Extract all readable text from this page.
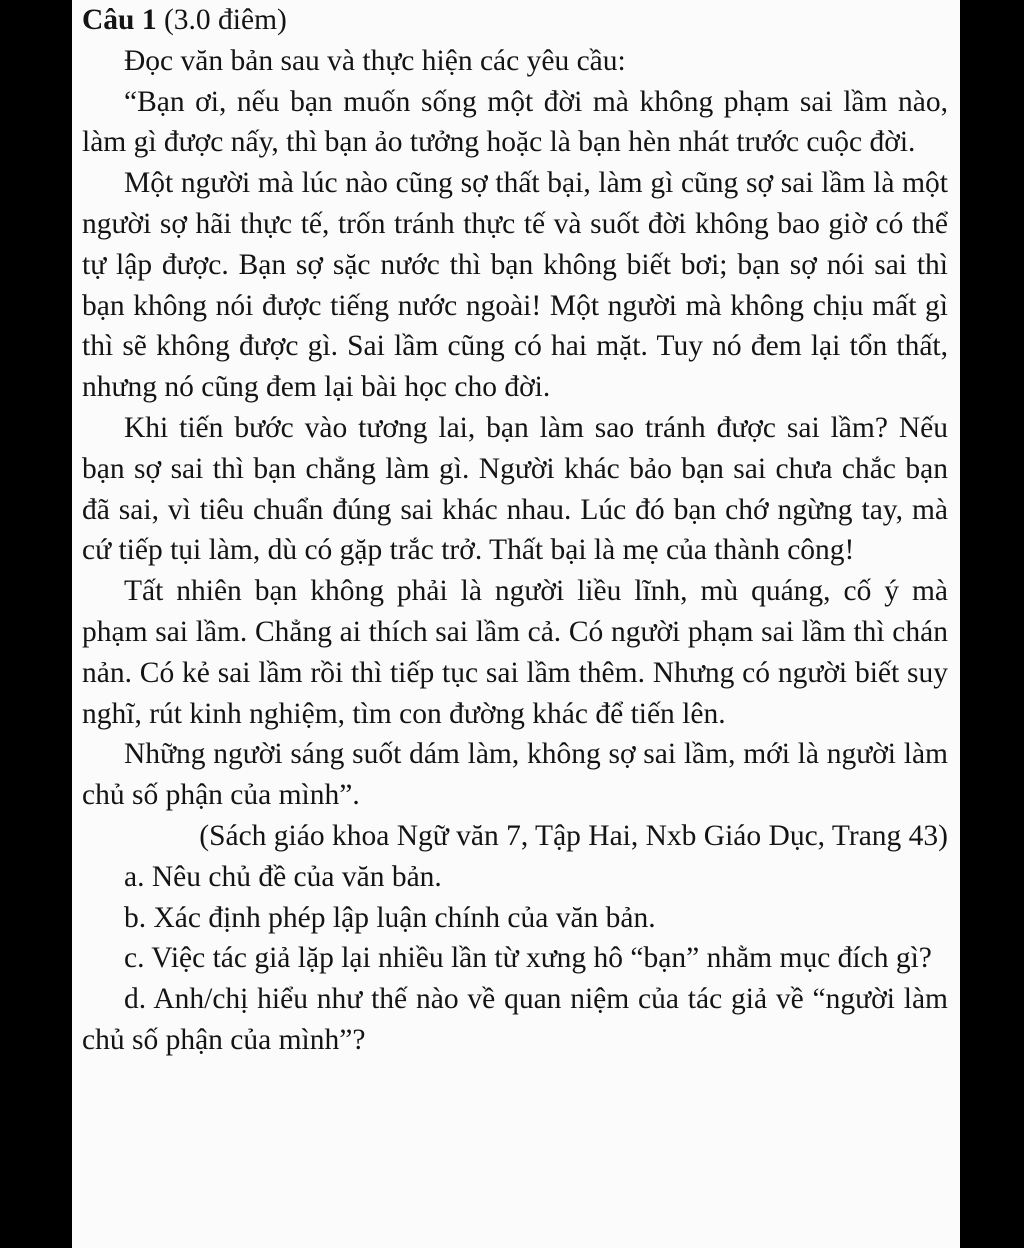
Câu 1 (3.0 điêm)
Đọc văn bản sau và thực hiện các yêu cầu:
“Bạn ơi, nếu bạn muốn sống một đời mà không phạm sai lầm nào, làm gì được nấy, thì bạn ảo tưởng hoặc là bạn hèn nhát trước cuộc đời.
Một người mà lúc nào cũng sợ thất bại, làm gì cũng sợ sai lầm là một người sợ hãi thực tế, trốn tránh thực tế và suốt đời không bao giờ có thể tự lập được. Bạn sợ sặc nước thì bạn không biết bơi; bạn sợ nói sai thì bạn không nói được tiếng nước ngoài! Một người mà không chịu mất gì thì sẽ không được gì. Sai lầm cũng có hai mặt. Tuy nó đem lại tổn thất, nhưng nó cũng đem lại bài học cho đời.
Khi tiến bước vào tương lai, bạn làm sao tránh được sai lầm? Nếu bạn sợ sai thì bạn chẳng làm gì. Người khác bảo bạn sai chưa chắc bạn đã sai, vì tiêu chuẩn đúng sai khác nhau. Lúc đó bạn chớ ngừng tay, mà cứ tiếp tụi làm, dù có gặp trắc trở. Thất bại là mẹ của thành công!
Tất nhiên bạn không phải là người liều lĩnh, mù quáng, cố ý mà phạm sai lầm. Chẳng ai thích sai lầm cả. Có người phạm sai lầm thì chán nản. Có kẻ sai lầm rồi thì tiếp tục sai lầm thêm. Nhưng có người biết suy nghĩ, rút kinh nghiệm, tìm con đường khác để tiến lên.
Những người sáng suốt dám làm, không sợ sai lầm, mới là người làm chủ số phận của mình”.
(Sách giáo khoa Ngữ văn 7, Tập Hai, Nxb Giáo Dục, Trang 43)
a. Nêu chủ đề của văn bản.
b. Xác định phép lập luận chính của văn bản.
c. Việc tác giả lặp lại nhiều lần từ xưng hô “bạn” nhằm mục đích gì?
d. Anh/chị hiểu như thế nào về quan niệm của tác giả về “người làm chủ số phận của mình”?
